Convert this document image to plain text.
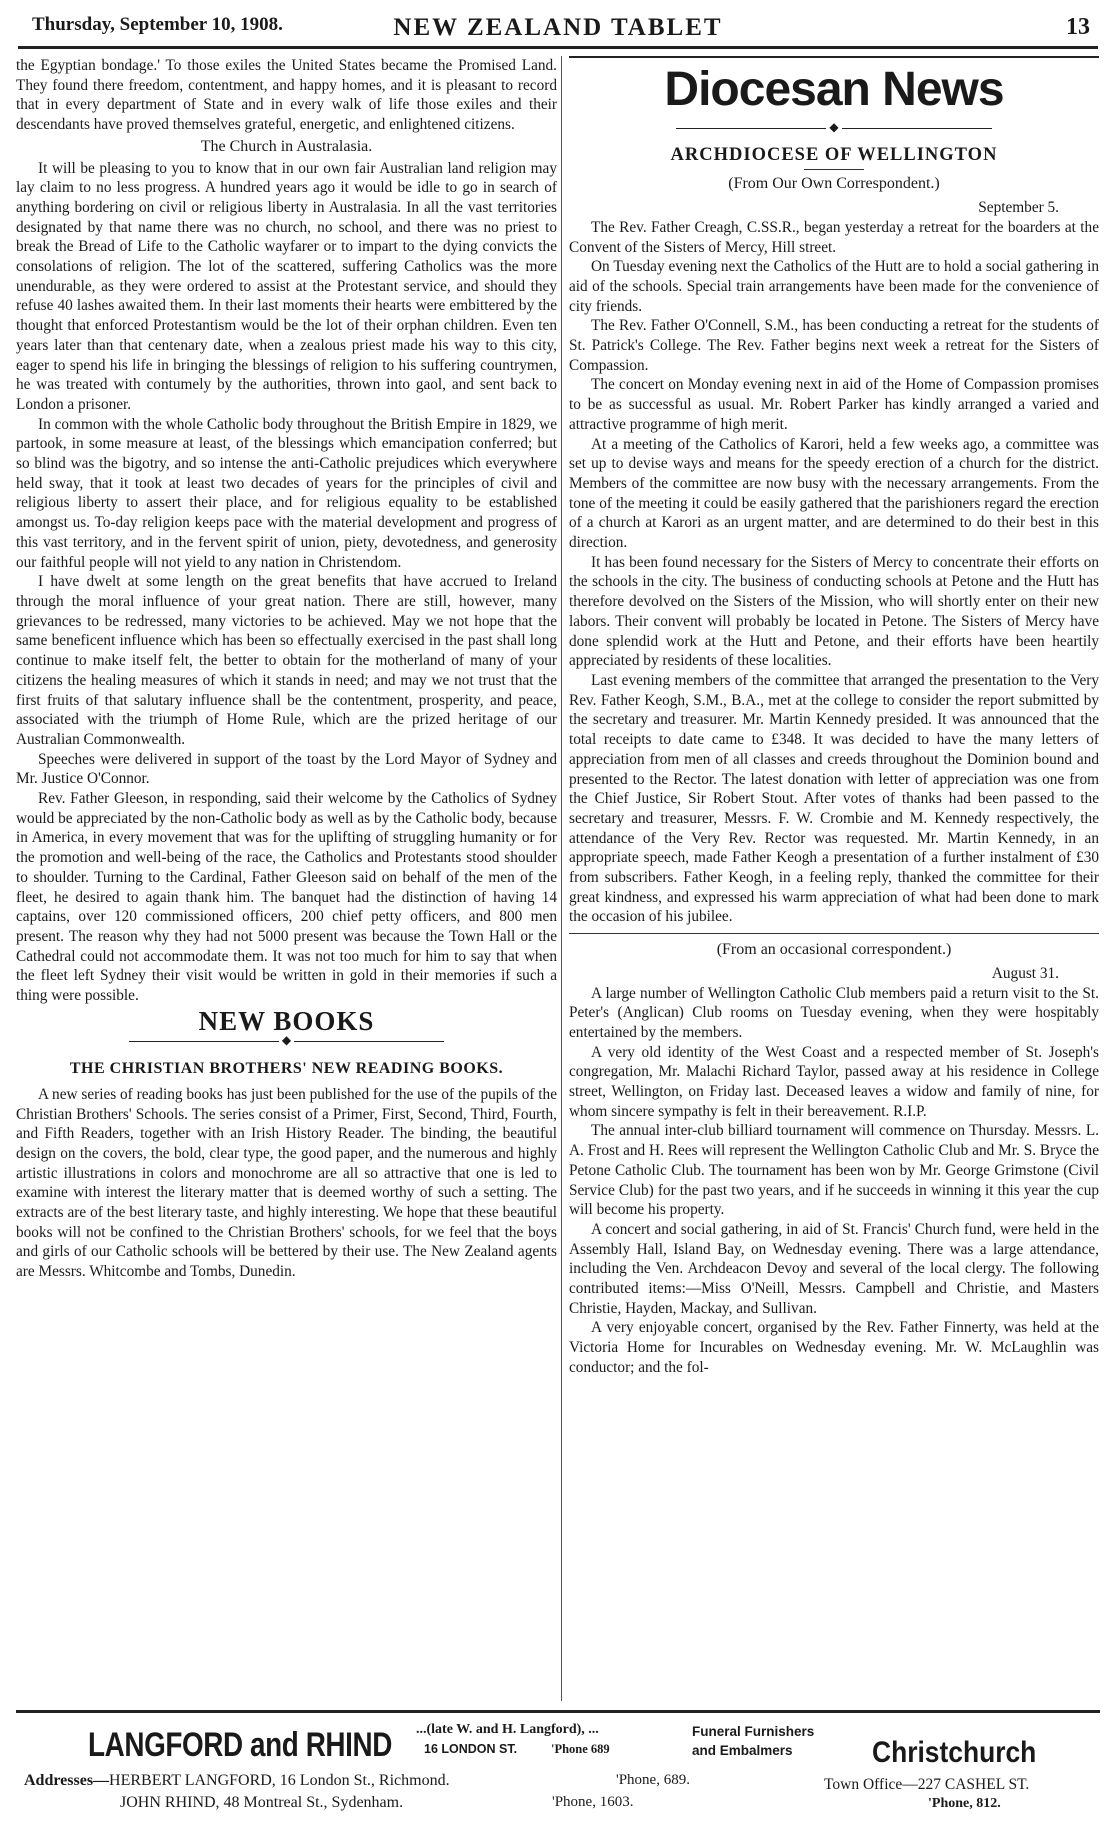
Thursday, September 10, 1908.	NEW ZEALAND TABLET	13

the Egyptian bondage.' To those exiles the United States became the Promised Land. They found there freedom, contentment, and happy homes, and it is pleasant to record that in every department of State and in every walk of life those exiles and their descendants have proved themselves grateful, energetic, and enlightened citizens.

The Church in Australasia.

It will be pleasing to you to know that in our own fair Australian land religion may lay claim to no less progress. A hundred years ago it would be idle to go in search of anything bordering on civil or religious liberty in Australasia. In all the vast territories designated by that name there was no church, no school, and there was no priest to break the Bread of Life to the Catholic wayfarer or to impart to the dying convicts the consolations of religion. The lot of the scattered, suffering Catholics was the more unendurable, as they were ordered to assist at the Protestant service, and should they refuse 40 lashes awaited them. In their last moments their hearts were embittered by the thought that enforced Protestantism would be the lot of their orphan children. Even ten years later than that centenary date, when a zealous priest made his way to this city, eager to spend his life in bringing the blessings of religion to his suffering countrymen, he was treated with contumely by the authorities, thrown into gaol, and sent back to London a prisoner.

In common with the whole Catholic body throughout the British Empire in 1829, we partook, in some measure at least, of the blessings which emancipation conferred; but so blind was the bigotry, and so intense the anti-Catholic prejudices which everywhere held sway, that it took at least two decades of years for the principles of civil and religious liberty to assert their place, and for religious equality to be established amongst us. To-day religion keeps pace with the material development and progress of this vast territory, and in the fervent spirit of union, piety, devotedness, and generosity our faithful people will not yield to any nation in Christendom.

I have dwelt at some length on the great benefits that have accrued to Ireland through the moral influence of your great nation. There are still, however, many grievances to be redressed, many victories to be achieved. May we not hope that the same beneficent influence which has been so effectually exercised in the past shall long continue to make itself felt, the better to obtain for the motherland of many of your citizens the healing measures of which it stands in need; and may we not trust that the first fruits of that salutary influence shall be the contentment, prosperity, and peace, associated with the triumph of Home Rule, which are the prized heritage of our Australian Commonwealth.

Speeches were delivered in support of the toast by the Lord Mayor of Sydney and Mr. Justice O'Connor.

Rev. Father Gleeson, in responding, said their welcome by the Catholics of Sydney would be appreciated by the non-Catholic body as well as by the Catholic body, because in America, in every movement that was for the uplifting of struggling humanity or for the promotion and well-being of the race, the Catholics and Protestants stood shoulder to shoulder. Turning to the Cardinal, Father Gleeson said on behalf of the men of the fleet, he desired to again thank him. The banquet had the distinction of having 14 captains, over 120 commissioned officers, 200 chief petty officers, and 800 men present. The reason why they had not 5000 present was because the Town Hall or the Cathedral could not accommodate them. It was not too much for him to say that when the fleet left Sydney their visit would be written in gold in their memories if such a thing were possible.

NEW BOOKS
◆
THE CHRISTIAN BROTHERS' NEW READING BOOKS.

A new series of reading books has just been published for the use of the pupils of the Christian Brothers' Schools. The series consist of a Primer, First, Second, Third, Fourth, and Fifth Readers, together with an Irish History Reader. The binding, the beautiful design on the covers, the bold, clear type, the good paper, and the numerous and highly artistic illustrations in colors and monochrome are all so attractive that one is led to examine with interest the literary matter that is deemed worthy of such a setting. The extracts are of the best literary taste, and highly interesting. We hope that these beautiful books will not be confined to the Christian Brothers' schools, for we feel that the boys and girls of our Catholic schools will be bettered by their use. The New Zealand agents are Messrs. Whitcombe and Tombs, Dunedin.

Diocesan News
◆
ARCHDIOCESE OF WELLINGTON
(From Our Own Correspondent.)
September 5.

The Rev. Father Creagh, C.SS.R., began yesterday a retreat for the boarders at the Convent of the Sisters of Mercy, Hill street.

On Tuesday evening next the Catholics of the Hutt are to hold a social gathering in aid of the schools. Special train arrangements have been made for the convenience of city friends.

The Rev. Father O'Connell, S.M., has been conducting a retreat for the students of St. Patrick's College. The Rev. Father begins next week a retreat for the Sisters of Compassion.

The concert on Monday evening next in aid of the Home of Compassion promises to be as successful as usual. Mr. Robert Parker has kindly arranged a varied and attractive programme of high merit.

At a meeting of the Catholics of Karori, held a few weeks ago, a committee was set up to devise ways and means for the speedy erection of a church for the district. Members of the committee are now busy with the necessary arrangements. From the tone of the meeting it could be easily gathered that the parishioners regard the erection of a church at Karori as an urgent matter, and are determined to do their best in this direction.

It has been found necessary for the Sisters of Mercy to concentrate their efforts on the schools in the city. The business of conducting schools at Petone and the Hutt has therefore devolved on the Sisters of the Mission, who will shortly enter on their new labors. Their convent will probably be located in Petone. The Sisters of Mercy have done splendid work at the Hutt and Petone, and their efforts have been heartily appreciated by residents of these localities.

Last evening members of the committee that arranged the presentation to the Very Rev. Father Keogh, S.M., B.A., met at the college to consider the report submitted by the secretary and treasurer. Mr. Martin Kennedy presided. It was announced that the total receipts to date came to £348. It was decided to have the many letters of appreciation from men of all classes and creeds throughout the Dominion bound and presented to the Rector. The latest donation with letter of appreciation was one from the Chief Justice, Sir Robert Stout. After votes of thanks had been passed to the secretary and treasurer, Messrs. F. W. Crombie and M. Kennedy respectively, the attendance of the Very Rev. Rector was requested. Mr. Martin Kennedy, in an appropriate speech, made Father Keogh a presentation of a further instalment of £30 from subscribers. Father Keogh, in a feeling reply, thanked the committee for their great kindness, and expressed his warm appreciation of what had been done to mark the occasion of his jubilee.

(From an occasional correspondent.)
August 31.

A large number of Wellington Catholic Club members paid a return visit to the St. Peter's (Anglican) Club rooms on Tuesday evening, when they were hospitably entertained by the members.

A very old identity of the West Coast and a respected member of St. Joseph's congregation, Mr. Malachi Richard Taylor, passed away at his residence in College street, Wellington, on Friday last. Deceased leaves a widow and family of nine, for whom sincere sympathy is felt in their bereavement. R.I.P.

The annual inter-club billiard tournament will commence on Thursday. Messrs. L. A. Frost and H. Rees will represent the Wellington Catholic Club and Mr. S. Bryce the Petone Catholic Club. The tournament has been won by Mr. George Grimstone (Civil Service Club) for the past two years, and if he succeeds in winning it this year the cup will become his property.

A concert and social gathering, in aid of St. Francis' Church fund, were held in the Assembly Hall, Island Bay, on Wednesday evening. There was a large attendance, including the Ven. Archdeacon Devoy and several of the local clergy. The following contributed items:—Miss O'Neill, Messrs. Campbell and Christie, and Masters Christie, Hayden, Mackay, and Sullivan.

A very enjoyable concert, organised by the Rev. Father Finnerty, was held at the Victoria Home for Incurables on Wednesday evening. Mr. W. McLaughlin was conductor; and the fol-

LANGFORD and RHIND ...(late W. and H. Langford), ...
16 LONDON ST.	'Phone 689
Funeral Furnishers
and Embalmers
Addresses—HERBERT LANGFORD, 16 London St., Richmond.	'Phone, 689.
JOHN RHIND, 48 Montreal St., Sydenham.	'Phone, 1603.
Christchurch
Town Office—227 CASHEL ST.
'Phone, 812.
